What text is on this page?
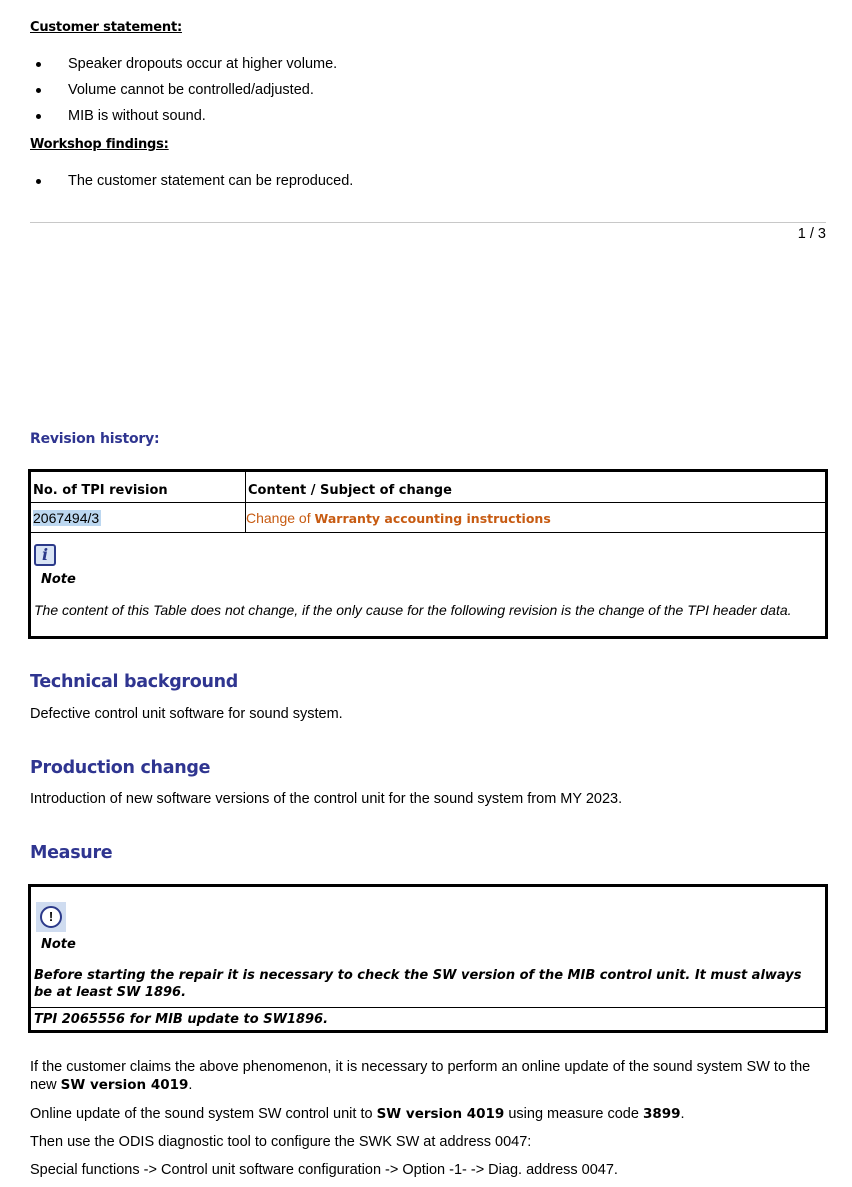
Customer statement:
Speaker dropouts occur at higher volume.
Volume cannot be controlled/adjusted.
MIB is without sound.
Workshop findings:
The customer statement can be reproduced.
1 / 3
Revision history:
No. of TPI revision	Content / Subject of change
2067494/3	Change of Warranty accounting instructions
i
Note
The content of this Table does not change, if the only cause for the following revision is the change of the TPI header data.
Technical background
Defective control unit software for sound system.
Production change
Introduction of new software versions of the control unit for the sound system from MY 2023.
Measure
!
Note
Before starting the repair it is necessary to check the SW version of the MIB control unit. It must always be at least SW 1896.
TPI 2065556 for MIB update to SW1896.
If the customer claims the above phenomenon, it is necessary to perform an online update of the sound system SW to the new SW version 4019.
Online update of the sound system SW control unit to SW version 4019 using measure code 3899.
Then use the ODIS diagnostic tool to configure the SWK SW at address 0047:
Special functions -> Control unit software configuration -> Option -1- -> Diag. address 0047.
